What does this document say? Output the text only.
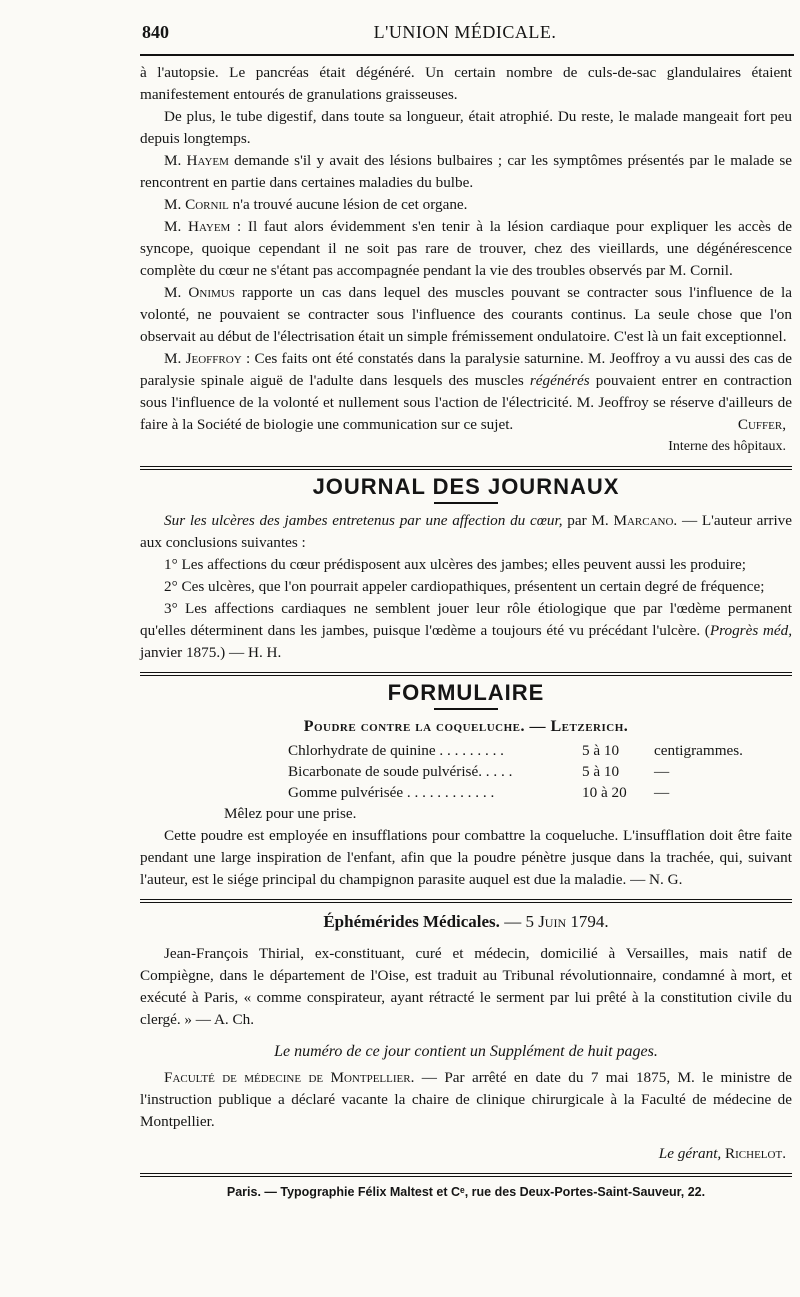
840	L'UNION MÉDICALE.

à l'autopsie. Le pancréas était dégénéré. Un certain nombre de culs-de-sac glandulaires étaient manifestement entourés de granulations graisseuses.

De plus, le tube digestif, dans toute sa longueur, était atrophié. Du reste, le malade mangeait fort peu depuis longtemps.

M. Hayem demande s'il y avait des lésions bulbaires ; car les symptômes présentés par le malade se rencontrent en partie dans certaines maladies du bulbe.

M. Cornil n'a trouvé aucune lésion de cet organe.

M. Hayem : Il faut alors évidemment s'en tenir à la lésion cardiaque pour expliquer les accès de syncope, quoique cependant il ne soit pas rare de trouver, chez des vieillards, une dégénérescence complète du cœur ne s'étant pas accompagnée pendant la vie des troubles observés par M. Cornil.

M. Onimus rapporte un cas dans lequel des muscles pouvant se contracter sous l'influence de la volonté, ne pouvaient se contracter sous l'influence des courants continus. La seule chose que l'on observait au début de l'électrisation était un simple frémissement ondulatoire. C'est là un fait exceptionnel.

M. Jeoffroy : Ces faits ont été constatés dans la paralysie saturnine. M. Jeoffroy a vu aussi des cas de paralysie spinale aiguë de l'adulte dans lesquels des muscles régénérés pouvaient entrer en contraction sous l'influence de la volonté et nullement sous l'action de l'électricité. M. Jeoffroy se réserve d'ailleurs de faire à la Société de biologie une communication sur ce sujet.	Cuffer,

Interne des hôpitaux.

JOURNAL DES JOURNAUX

Sur les ulcères des jambes entretenus par une affection du cœur, par M. Marcano. — L'auteur arrive aux conclusions suivantes :

1° Les affections du cœur prédisposent aux ulcères des jambes; elles peuvent aussi les produire;

2° Ces ulcères, que l'on pourrait appeler cardiopathiques, présentent un certain degré de fréquence;

3° Les affections cardiaques ne semblent jouer leur rôle étiologique que par l'œdème permanent qu'elles déterminent dans les jambes, puisque l'œdème a toujours été vu précédant l'ulcère. (Progrès méd, janvier 1875.) — H. H.

FORMULAIRE
Poudre contre la coqueluche. — Letzerich.
Chlorhydrate de quinine . . . . . . . . .	5 à 10	centigrammes.
Bicarbonate de soude pulvérisé. . . . .	5 à 10	—
Gomme pulvérisée . . . . . . . . . . . .	10 à 20	—

Mêlez pour une prise.

Cette poudre est employée en insufflations pour combattre la coqueluche. L'insufflation doit être faite pendant une large inspiration de l'enfant, afin que la poudre pénètre jusque dans la trachée, qui, suivant l'auteur, est le siége principal du champignon parasite auquel est due la maladie. — N. G.

Éphémérides Médicales. — 5 Juin 1794.

Jean-François Thirial, ex-constituant, curé et médecin, domicilié à Versailles, mais natif de Compiègne, dans le département de l'Oise, est traduit au Tribunal révolutionnaire, condamné à mort, et exécuté à Paris, « comme conspirateur, ayant rétracté le serment par lui prêté à la constitution civile du clergé. » — A. Ch.

Le numéro de ce jour contient un Supplément de huit pages.

Faculté de médecine de Montpellier. — Par arrêté en date du 7 mai 1875, M. le ministre de l'instruction publique a déclaré vacante la chaire de clinique chirurgicale à la Faculté de médecine de Montpellier.

Le gérant, Richelot.
Paris. — Typographie Félix Maltest et Cᵉ, rue des Deux-Portes-Saint-Sauveur, 22.
